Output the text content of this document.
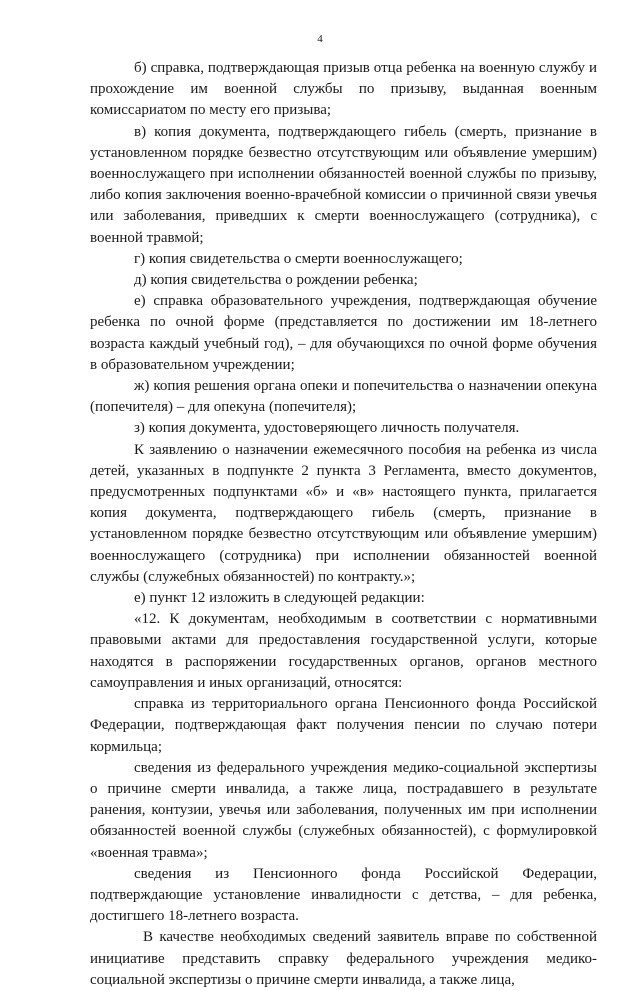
4

б) справка, подтверждающая призыв отца ребенка на военную службу и прохождение им военной службы по призыву, выданная военным комиссариатом по месту его призыва;

в) копия документа, подтверждающего гибель (смерть, признание в установленном порядке безвестно отсутствующим или объявление умершим) военнослужащего при исполнении обязанностей военной службы по призыву, либо копия заключения военно-врачебной комиссии о причинной связи увечья или заболевания, приведших к смерти военнослужащего (сотрудника), с военной травмой;

г) копия свидетельства о смерти военнослужащего;

д) копия свидетельства о рождении ребенка;

е) справка образовательного учреждения, подтверждающая обучение ребенка по очной форме (представляется по достижении им 18-летнего возраста каждый учебный год), – для обучающихся по очной форме обучения в образовательном учреждении;

ж) копия решения органа опеки и попечительства о назначении опекуна (попечителя) – для опекуна (попечителя);

з) копия документа, удостоверяющего личность получателя.

К заявлению о назначении ежемесячного пособия на ребенка из числа детей, указанных в подпункте 2 пункта 3 Регламента, вместо документов, предусмотренных подпунктами «б» и «в» настоящего пункта, прилагается копия документа, подтверждающего гибель (смерть, признание в установленном порядке безвестно отсутствующим или объявление умершим) военнослужащего (сотрудника) при исполнении обязанностей военной службы (служебных обязанностей) по контракту.»;

е) пункт 12 изложить в следующей редакции:

«12. К документам, необходимым в соответствии с нормативными правовыми актами для предоставления государственной услуги, которые находятся в распоряжении государственных органов, органов местного самоуправления и иных организаций, относятся:

справка из территориального органа Пенсионного фонда Российской Федерации, подтверждающая факт получения пенсии по случаю потери кормильца;

сведения из федерального учреждения медико-социальной экспертизы о причине смерти инвалида, а также лица, пострадавшего в результате ранения, контузии, увечья или заболевания, полученных им при исполнении обязанностей военной службы (служебных обязанностей), с формулировкой «военная травма»;

сведения из Пенсионного фонда Российской Федерации, подтверждающие установление инвалидности с детства, – для ребенка, достигшего 18-летнего возраста.

В качестве необходимых сведений заявитель вправе по собственной инициативе представить справку федерального учреждения медико-социальной экспертизы о причине смерти инвалида, а также лица,
